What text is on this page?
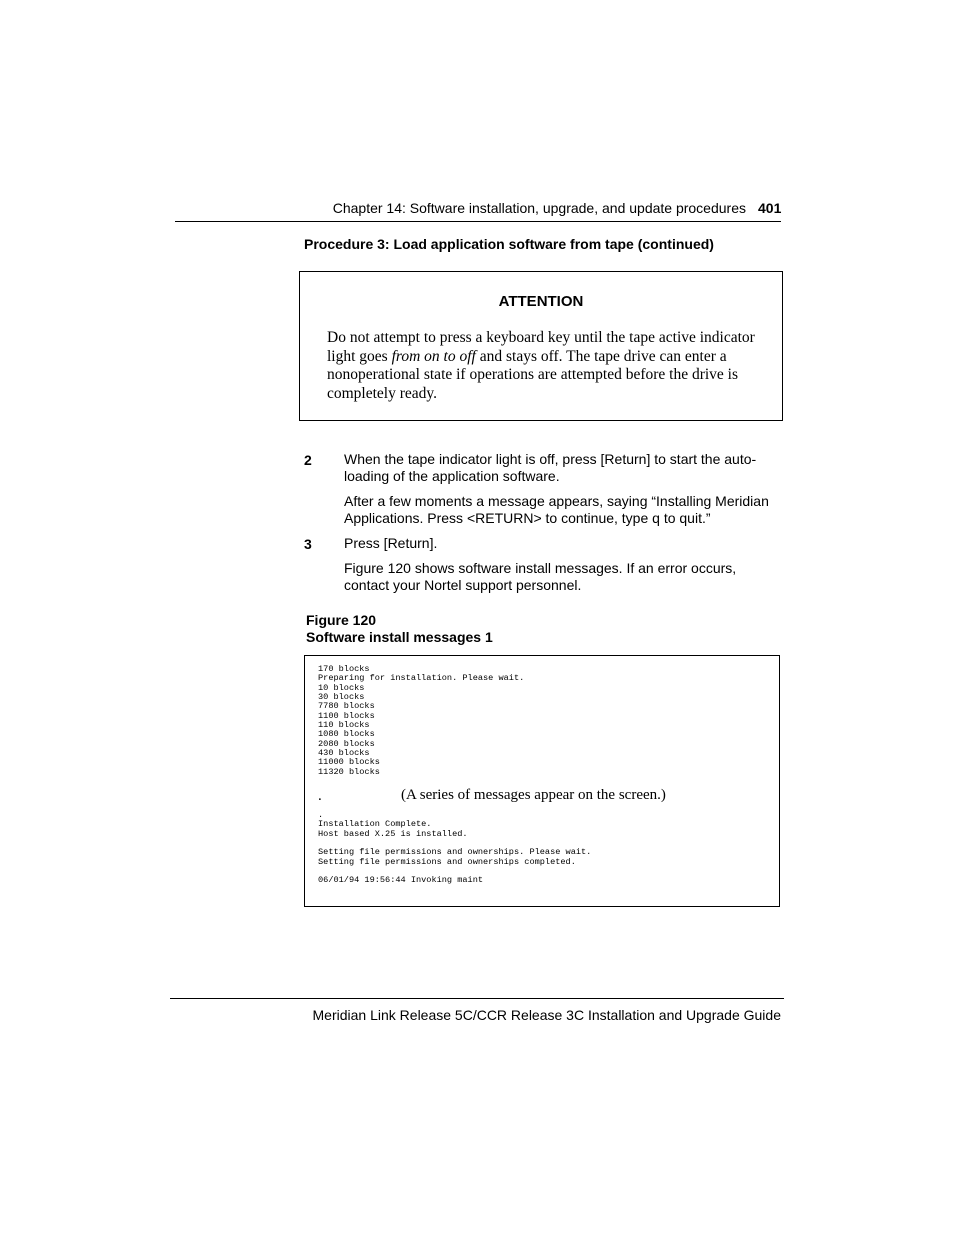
Chapter 14: Software installation, upgrade, and update procedures 401
Procedure 3: Load application software from tape (continued)
ATTENTION
Do not attempt to press a keyboard key until the tape active indicator light goes from on to off and stays off. The tape drive can enter a nonoperational state if operations are attempted before the drive is completely ready.
2 When the tape indicator light is off, press [Return] to start the auto-loading of the application software.
After a few moments a message appears, saying “Installing Meridian Applications. Press <RETURN> to continue, type q to quit.”
3 Press [Return].
Figure 120 shows software install messages. If an error occurs, contact your Nortel support personnel.
Figure 120
Software install messages 1
170 blocks
Preparing for installation. Please wait.
10 blocks
30 blocks
7780 blocks
1100 blocks
110 blocks
1080 blocks
2080 blocks
430 blocks
11000 blocks
11320 blocks
.	(A series of messages appear on the screen.)
.
Installation Complete.
Host based X.25 is installed.

Setting file permissions and ownerships. Please wait.
Setting file permissions and ownerships completed.

06/01/94 19:56:44 Invoking maint
Meridian Link Release 5C/CCR Release 3C Installation and Upgrade Guide
